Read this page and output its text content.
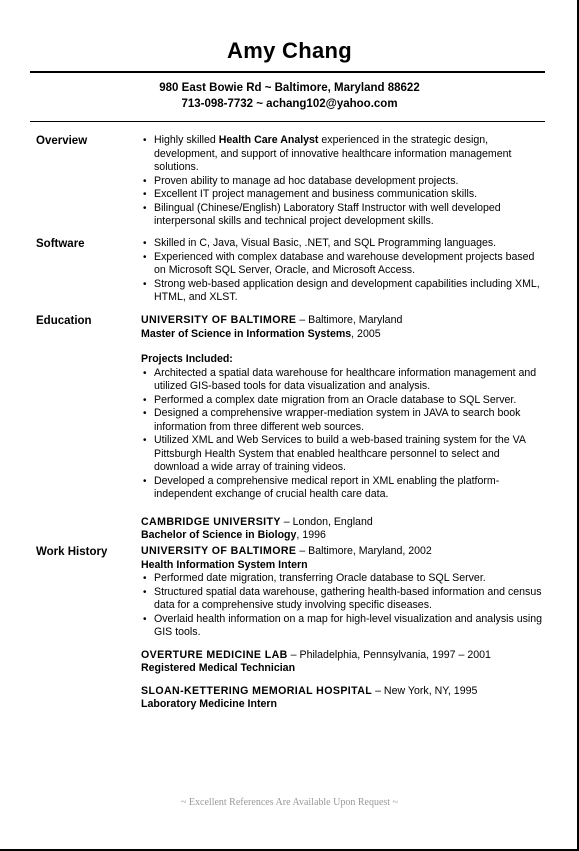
Amy Chang
980 East Bowie Rd ~ Baltimore, Maryland 88622
713-098-7732 ~ achang102@yahoo.com
Overview	• Highly skilled Health Care Analyst experienced in the strategic design, development, and support of innovative healthcare information management solutions.
• Proven ability to manage ad hoc database development projects.
• Excellent IT project management and business communication skills.
• Bilingual (Chinese/English) Laboratory Staff Instructor with well developed interpersonal skills and technical project development skills.
Software	• Skilled in C, Java, Visual Basic, .NET, and SQL Programming languages.
• Experienced with complex database and warehouse development projects based on Microsoft SQL Server, Oracle, and Microsoft Access.
• Strong web-based application design and development capabilities including XML, HTML, and XLST.
Education	UNIVERSITY OF BALTIMORE – Baltimore, Maryland
Master of Science in Information Systems, 2005
Projects Included:
• Architected a spatial data warehouse for healthcare information management and utilized GIS-based tools for data visualization and analysis.
• Performed a complex date migration from an Oracle database to SQL Server.
• Designed a comprehensive wrapper-mediation system in JAVA to search book information from three different web sources.
• Utilized XML and Web Services to build a web-based training system for the VA Pittsburgh Health System that enabled healthcare personnel to select and download a wide array of training videos.
• Developed a comprehensive medical report in XML enabling the platform-independent exchange of crucial health care data.
CAMBRIDGE UNIVERSITY – London, England
Bachelor of Science in Biology, 1996
Work History	UNIVERSITY OF BALTIMORE – Baltimore, Maryland, 2002
Health Information System Intern
• Performed date migration, transferring Oracle database to SQL Server.
• Structured spatial data warehouse, gathering health-based information and census data for a comprehensive study involving specific diseases.
• Overlaid health information on a map for high-level visualization and analysis using GIS tools.
OVERTURE MEDICINE LAB – Philadelphia, Pennsylvania, 1997 – 2001
Registered Medical Technician
SLOAN-KETTERING MEMORIAL HOSPITAL – New York, NY, 1995
Laboratory Medicine Intern
~ Excellent References Are Available Upon Request ~
